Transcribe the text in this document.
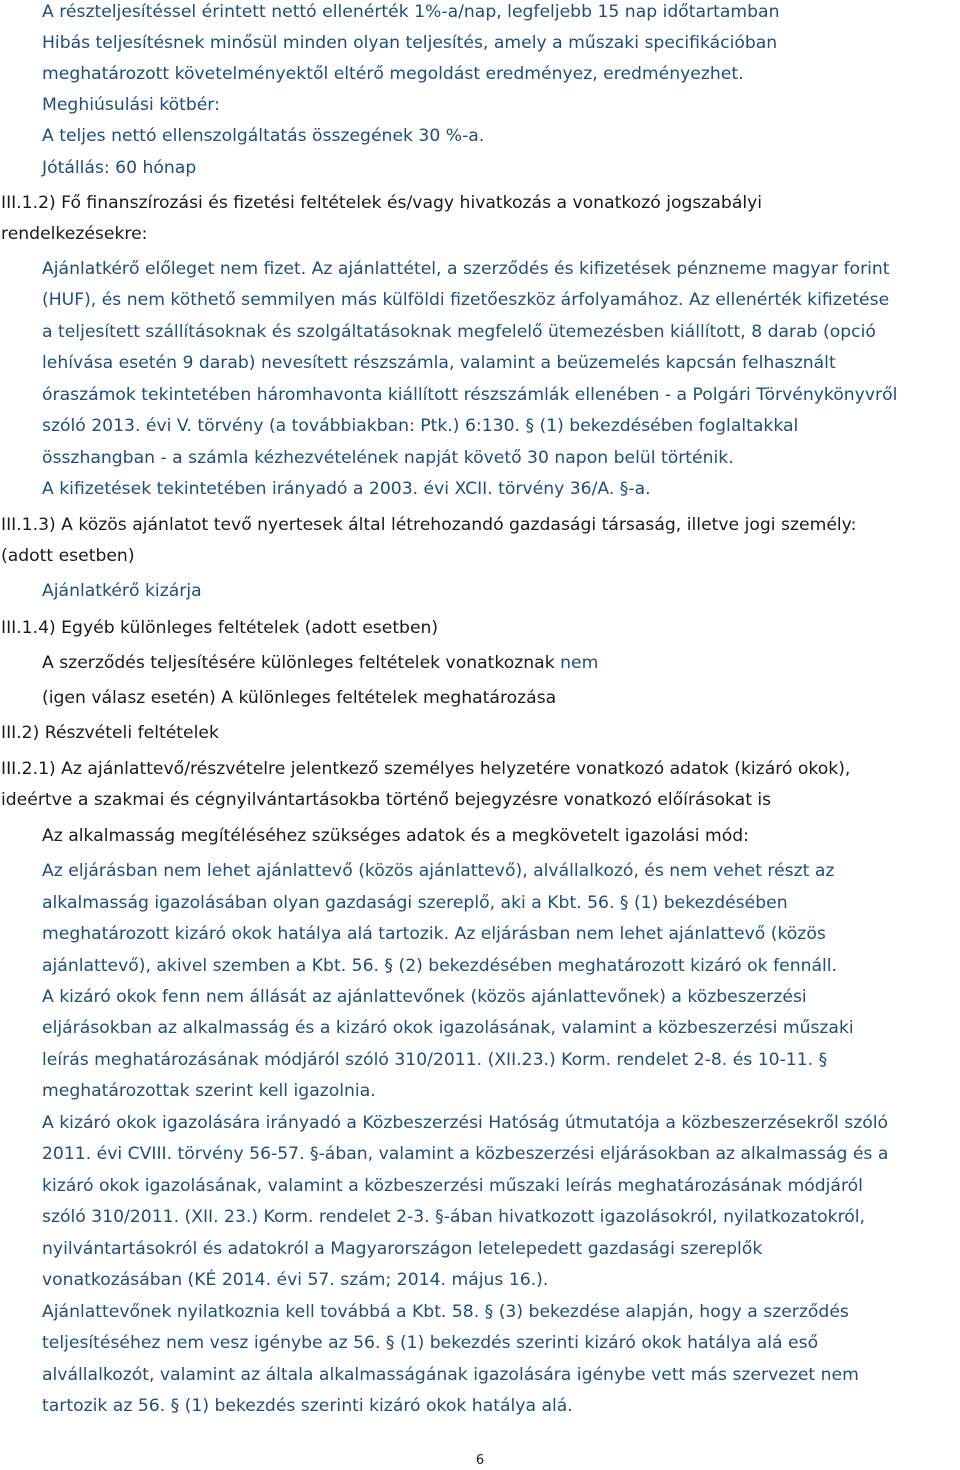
A részteljesítéssel érintett nettó ellenérték 1%-a/nap, legfeljebb 15 nap időtartamban
Hibás teljesítésnek minősül minden olyan teljesítés, amely a műszaki specifikációban
meghatározott követelményektől eltérő megoldást eredményez, eredményezhet.
Meghiúsulási kötbér:
A teljes nettó ellenszolgáltatás összegének 30 %-a.
Jótállás: 60 hónap
III.1.2) Fő finanszírozási és fizetési feltételek és/vagy hivatkozás a vonatkozó jogszabályi
rendelkezésekre:
Ajánlatkérő előleget nem fizet. Az ajánlattétel, a szerződés és kifizetések pénzneme magyar forint
(HUF), és nem köthető semmilyen más külföldi fizetőeszköz árfolyamához. Az ellenérték kifizetése
a teljesített szállításoknak és szolgáltatásoknak megfelelő ütemezésben kiállított, 8 darab (opció
lehívása esetén 9 darab) nevesített részszámla, valamint a beüzemelés kapcsán felhasznált
óraszámok tekintetében háromhavonta kiállított részszámlák ellenében - a Polgári Törvénykönyvről
szóló 2013. évi V. törvény (a továbbiakban: Ptk.) 6:130. § (1) bekezdésében foglaltakkal
összhangban - a számla kézhezvételének napját követő 30 napon belül történik.
A kifizetések tekintetében irányadó a 2003. évi XCII. törvény 36/A. §-a.
III.1.3) A közös ajánlatot tevő nyertesek által létrehozandó gazdasági társaság, illetve jogi személy:
(adott esetben)
Ajánlatkérő kizárja
III.1.4) Egyéb különleges feltételek (adott esetben)
A szerződés teljesítésére különleges feltételek vonatkoznak nem
(igen válasz esetén) A különleges feltételek meghatározása
III.2) Részvételi feltételek
III.2.1) Az ajánlattevő/részvételre jelentkező személyes helyzetére vonatkozó adatok (kizáró okok),
ideértve a szakmai és cégnyilvántartásokba történő bejegyzésre vonatkozó előírásokat is
Az alkalmasság megítéléséhez szükséges adatok és a megkövetelt igazolási mód:
Az eljárásban nem lehet ajánlattevő (közös ajánlattevő), alvállalkozó, és nem vehet részt az
alkalmasság igazolásában olyan gazdasági szereplő, aki a Kbt. 56. § (1) bekezdésében
meghatározott kizáró okok hatálya alá tartozik. Az eljárásban nem lehet ajánlattevő (közös
ajánlattevő), akivel szemben a Kbt. 56. § (2) bekezdésében meghatározott kizáró ok fennáll.
A kizáró okok fenn nem állását az ajánlattevőnek (közös ajánlattevőnek) a közbeszerzési
eljárásokban az alkalmasság és a kizáró okok igazolásának, valamint a közbeszerzési műszaki
leírás meghatározásának módjáról szóló 310/2011. (XII.23.) Korm. rendelet 2-8. és 10-11. §
meghatározottak szerint kell igazolnia.
A kizáró okok igazolására irányadó a Közbeszerzési Hatóság útmutatója a közbeszerzésekről szóló
2011. évi CVIII. törvény 56-57. §-ában, valamint a közbeszerzési eljárásokban az alkalmasság és a
kizáró okok igazolásának, valamint a közbeszerzési műszaki leírás meghatározásának módjáról
szóló 310/2011. (XII. 23.) Korm. rendelet 2-3. §-ában hivatkozott igazolásokról, nyilatkozatokról,
nyilvántartásokról és adatokról a Magyarországon letelepedett gazdasági szereplők
vonatkozásában (KÉ 2014. évi 57. szám; 2014. május 16.).
Ajánlattevőnek nyilatkoznia kell továbbá a Kbt. 58. § (3) bekezdése alapján, hogy a szerződés
teljesítéséhez nem vesz igénybe az 56. § (1) bekezdés szerinti kizáró okok hatálya alá eső
alvállalkozót, valamint az általa alkalmasságának igazolására igénybe vett más szervezet nem
tartozik az 56. § (1) bekezdés szerinti kizáró okok hatálya alá.
6
